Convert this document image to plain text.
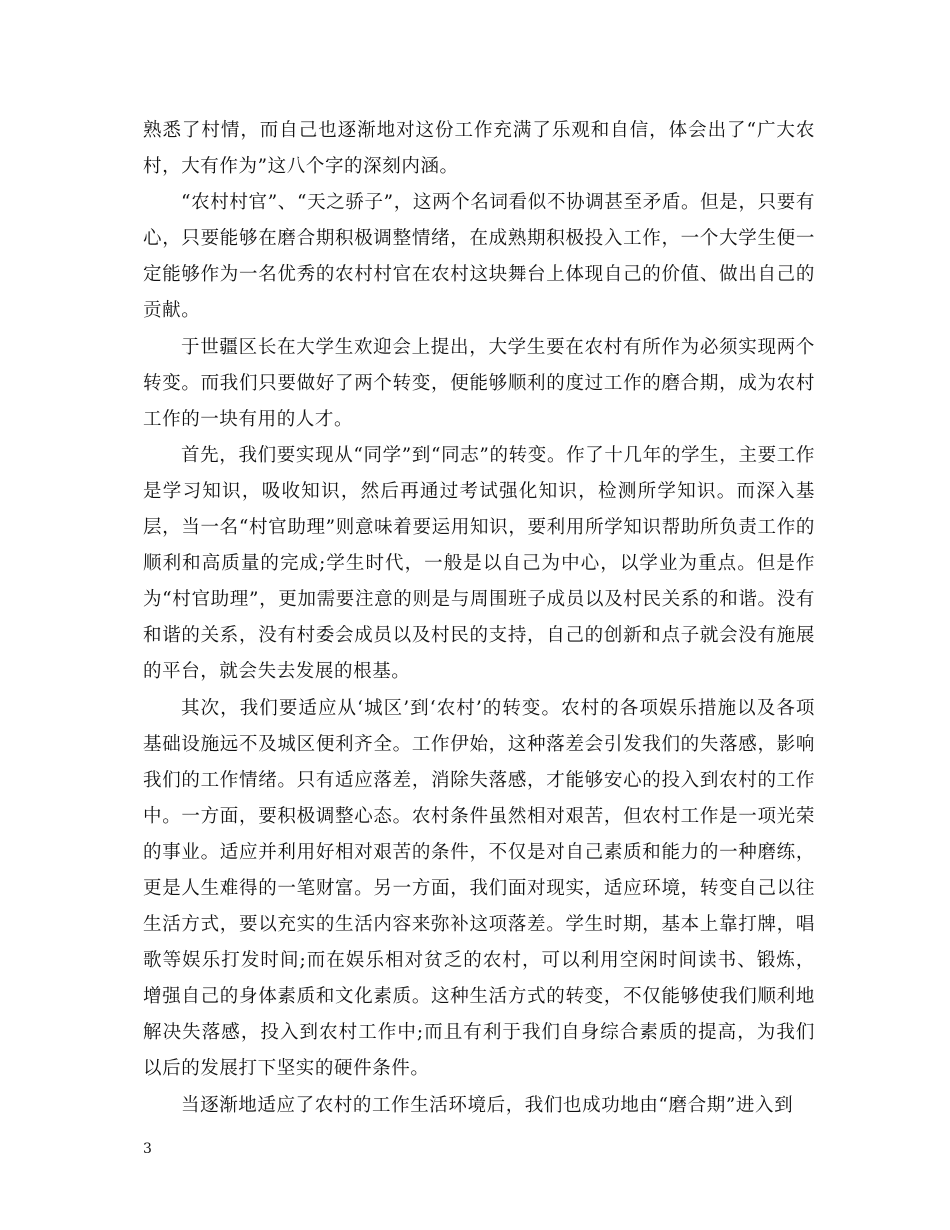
熟悉了村情，而自己也逐渐地对这份工作充满了乐观和自信，体会出了“广大农村，大有作为”这八个字的深刻内涵。

“农村村官”、“天之骄子”，这两个名词看似不协调甚至矛盾。但是，只要有心，只要能够在磨合期积极调整情绪，在成熟期积极投入工作，一个大学生便一定能够作为一名优秀的农村村官在农村这块舞台上体现自己的价值、做出自己的贡献。

于世疆区长在大学生欢迎会上提出，大学生要在农村有所作为必须实现两个转变。而我们只要做好了两个转变，便能够顺利的度过工作的磨合期，成为农村工作的一块有用的人才。

首先，我们要实现从“同学”到“同志”的转变。作了十几年的学生，主要工作是学习知识，吸收知识，然后再通过考试强化知识，检测所学知识。而深入基层，当一名“村官助理”则意味着要运用知识，要利用所学知识帮助所负责工作的顺利和高质量的完成;学生时代，一般是以自己为中心，以学业为重点。但是作为“村官助理”，更加需要注意的则是与周围班子成员以及村民关系的和谐。没有和谐的关系，没有村委会成员以及村民的支持，自己的创新和点子就会没有施展的平台，就会失去发展的根基。

其次，我们要适应从‘城区’到‘农村’的转变。农村的各项娱乐措施以及各项基础设施远不及城区便利齐全。工作伊始，这种落差会引发我们的失落感，影响我们的工作情绪。只有适应落差，消除失落感，才能够安心的投入到农村的工作中。一方面，要积极调整心态。农村条件虽然相对艰苦，但农村工作是一项光荣的事业。适应并利用好相对艰苦的条件，不仅是对自己素质和能力的一种磨练，更是人生难得的一笔财富。另一方面，我们面对现实，适应环境，转变自己以往生活方式，要以充实的生活内容来弥补这项落差。学生时期，基本上靠打牌，唱歌等娱乐打发时间;而在娱乐相对贫乏的农村，可以利用空闲时间读书、锻炼，增强自己的身体素质和文化素质。这种生活方式的转变，不仅能够使我们顺利地解决失落感，投入到农村工作中;而且有利于我们自身综合素质的提高，为我们以后的发展打下坚实的硬件条件。

当逐渐地适应了农村的工作生活环境后，我们也成功地由“磨合期”进入到

3
